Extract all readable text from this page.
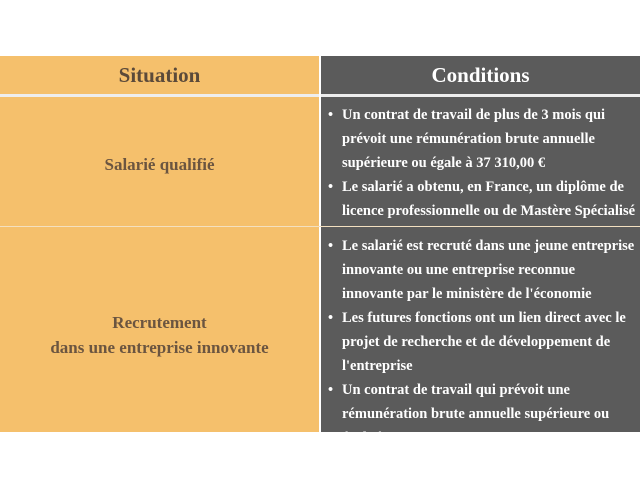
Situation	Conditions
Salarié qualifié
• Un contrat de travail de plus de 3 mois qui prévoit une rémunération brute annuelle supérieure ou égale à 37 310,00 €
• Le salarié a obtenu, en France, un diplôme de licence professionnelle ou de Mastère Spécialisé
Recrutement
dans une entreprise innovante
• Le salarié est recruté dans une jeune entreprise innovante ou une entreprise reconnue innovante par le ministère de l'économie
• Les futures fonctions ont un lien direct avec le projet de recherche et de développement de l'entreprise
• Un contrat de travail qui prévoit une rémunération brute annuelle supérieure ou égale à 37 310,00 €
